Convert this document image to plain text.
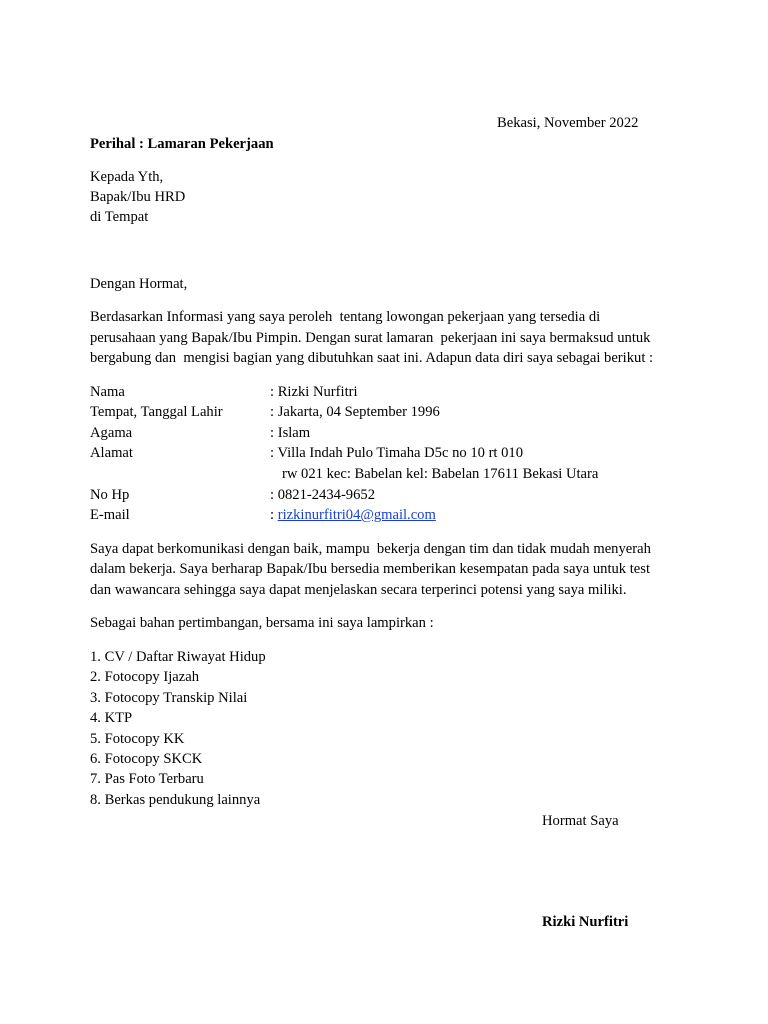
Bekasi, November 2022
Perihal : Lamaran Pekerjaan
Kepada Yth,
Bapak/Ibu HRD
di Tempat
Dengan Hormat,
Berdasarkan Informasi yang saya peroleh  tentang lowongan pekerjaan yang tersedia di
perusahaan yang Bapak/Ibu Pimpin. Dengan surat lamaran  pekerjaan ini saya bermaksud untuk
bergabung dan  mengisi bagian yang dibutuhkan saat ini. Adapun data diri saya sebagai berikut :
Nama	: Rizki Nurfitri
Tempat, Tanggal Lahir	: Jakarta, 04 September 1996
Agama	: Islam
Alamat	: Villa Indah Pulo Timaha D5c no 10 rt 010
rw 021 kec: Babelan kel: Babelan 17611 Bekasi Utara
No Hp	: 0821-2434-9652
E-mail	: rizkinurfitri04@gmail.com
Saya dapat berkomunikasi dengan baik, mampu  bekerja dengan tim dan tidak mudah menyerah
dalam bekerja. Saya berharap Bapak/Ibu bersedia memberikan kesempatan pada saya untuk test
dan wawancara sehingga saya dapat menjelaskan secara terperinci potensi yang saya miliki.
Sebagai bahan pertimbangan, bersama ini saya lampirkan :
1. CV / Daftar Riwayat Hidup
2. Fotocopy Ijazah
3. Fotocopy Transkip Nilai
4. KTP
5. Fotocopy KK
6. Fotocopy SKCK
7. Pas Foto Terbaru
8. Berkas pendukung lainnya
Hormat Saya
Rizki Nurfitri
